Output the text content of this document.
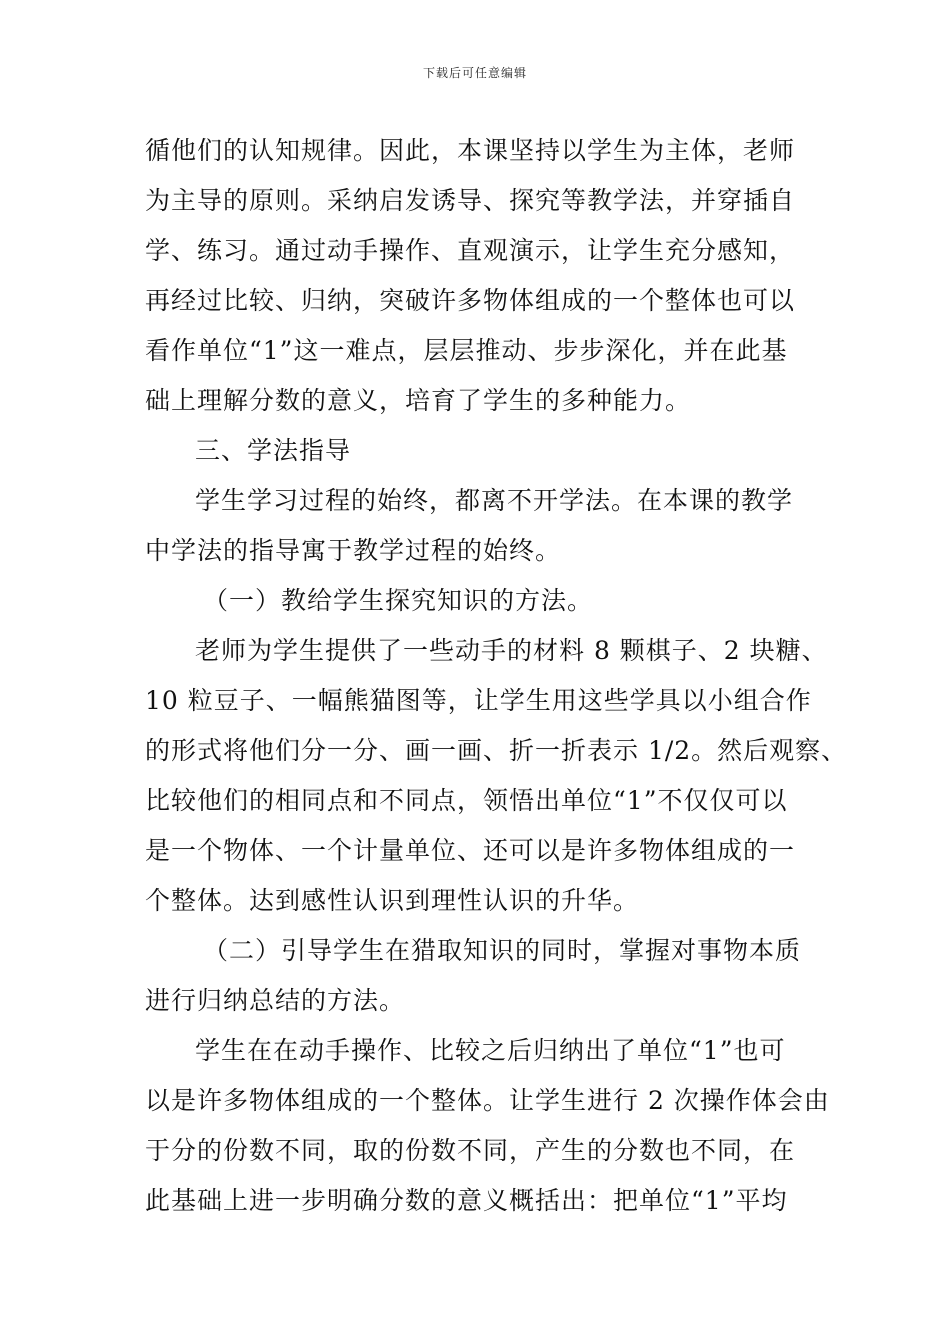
下载后可任意编辑
循他们的认知规律。因此，本课坚持以学生为主体，老师
为主导的原则。采纳启发诱导、探究等教学法，并穿插自
学、练习。通过动手操作、直观演示，让学生充分感知，
再经过比较、归纳，突破许多物体组成的一个整体也可以
看作单位“1”这一难点，层层推动、步步深化，并在此基
础上理解分数的意义，培育了学生的多种能力。
三、学法指导
学生学习过程的始终，都离不开学法。在本课的教学
中学法的指导寓于教学过程的始终。
（一）教给学生探究知识的方法。
老师为学生提供了一些动手的材料 8 颗棋子、2 块糖、
10 粒豆子、一幅熊猫图等，让学生用这些学具以小组合作
的形式将他们分一分、画一画、折一折表示 1/2。然后观察、
比较他们的相同点和不同点，领悟出单位“1”不仅仅可以
是一个物体、一个计量单位、还可以是许多物体组成的一
个整体。达到感性认识到理性认识的升华。
（二）引导学生在猎取知识的同时，掌握对事物本质
进行归纳总结的方法。
学生在在动手操作、比较之后归纳出了单位“1”也可
以是许多物体组成的一个整体。让学生进行 2 次操作体会由
于分的份数不同，取的份数不同，产生的分数也不同，在
此基础上进一步明确分数的意义概括出：把单位“1”平均
